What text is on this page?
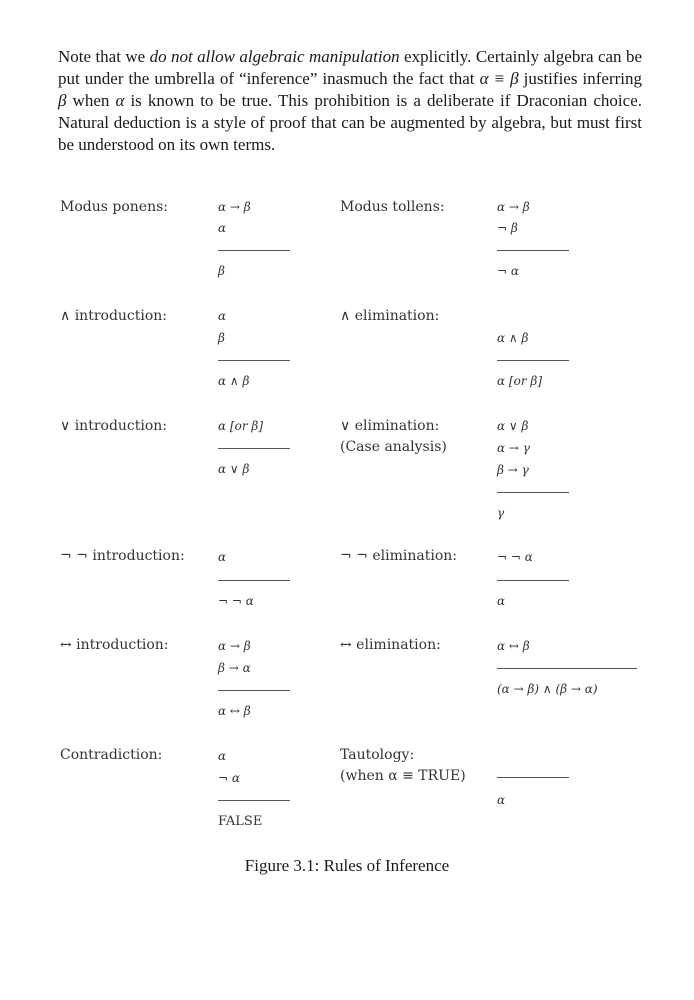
Note that we do not allow algebraic manipulation explicitly. Certainly algebra can be put under the umbrella of “inference” inasmuch the fact that α ≡ β justifies inferring β when α is known to be true. This prohibition is a deliberate if Draconian choice. Natural deduction is a style of proof that can be augmented by algebra, but must first be understood on its own terms.

Modus ponens:	α → β
α
β
Modus tollens:	α → β
¬ β
¬ α
∧ introduction:	α
β
α ∧ β
∧ elimination:
α ∧ β
α [or β]
∨ introduction:	α [or β]
α ∨ β
∨ elimination:
(Case analysis)
α ∨ β
α → γ
β → γ
γ
¬ ¬ introduction:	α
¬ ¬ α
¬ ¬ elimination:	¬ ¬ α
α
↔ introduction:	α → β
β → α
α ↔ β
↔ elimination:	α ↔ β
(α → β) ∧ (β → α)
Contradiction:	α
¬ α
FALSE
Tautology:
(when α ≡ TRUE)
α
Figure 3.1: Rules of Inference
